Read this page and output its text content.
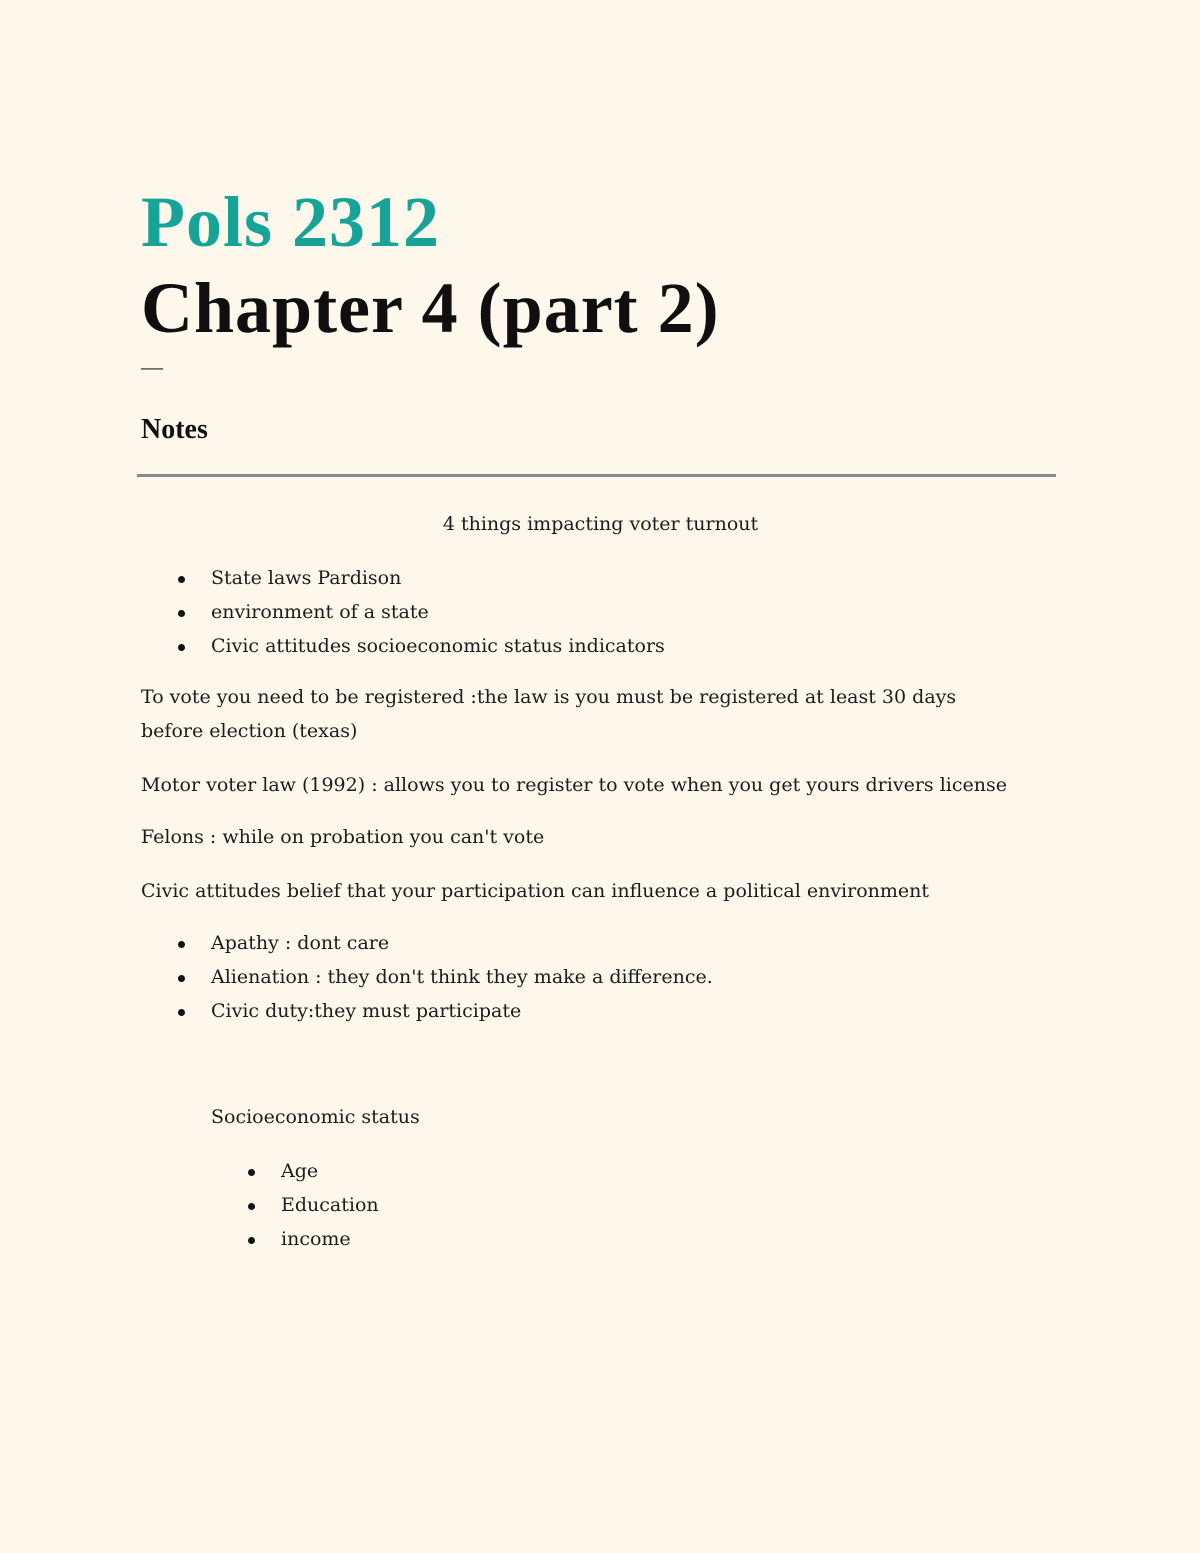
Pols 2312
Chapter 4 (part 2)
—
Notes

4 things impacting voter turnout

State laws Pardison
environment of a state
Civic attitudes socioeconomic status indicators

To vote you need to be registered :the law is you must be registered at least 30 days before election (texas)

Motor voter law (1992) : allows you to register to vote when you get yours drivers license

Felons : while on probation you can't vote

Civic attitudes belief that your participation can influence a political environment

Apathy : dont care
Alienation : they don't think they make a difference.
Civic duty:they must participate

Socioeconomic status

Age
Education
income
